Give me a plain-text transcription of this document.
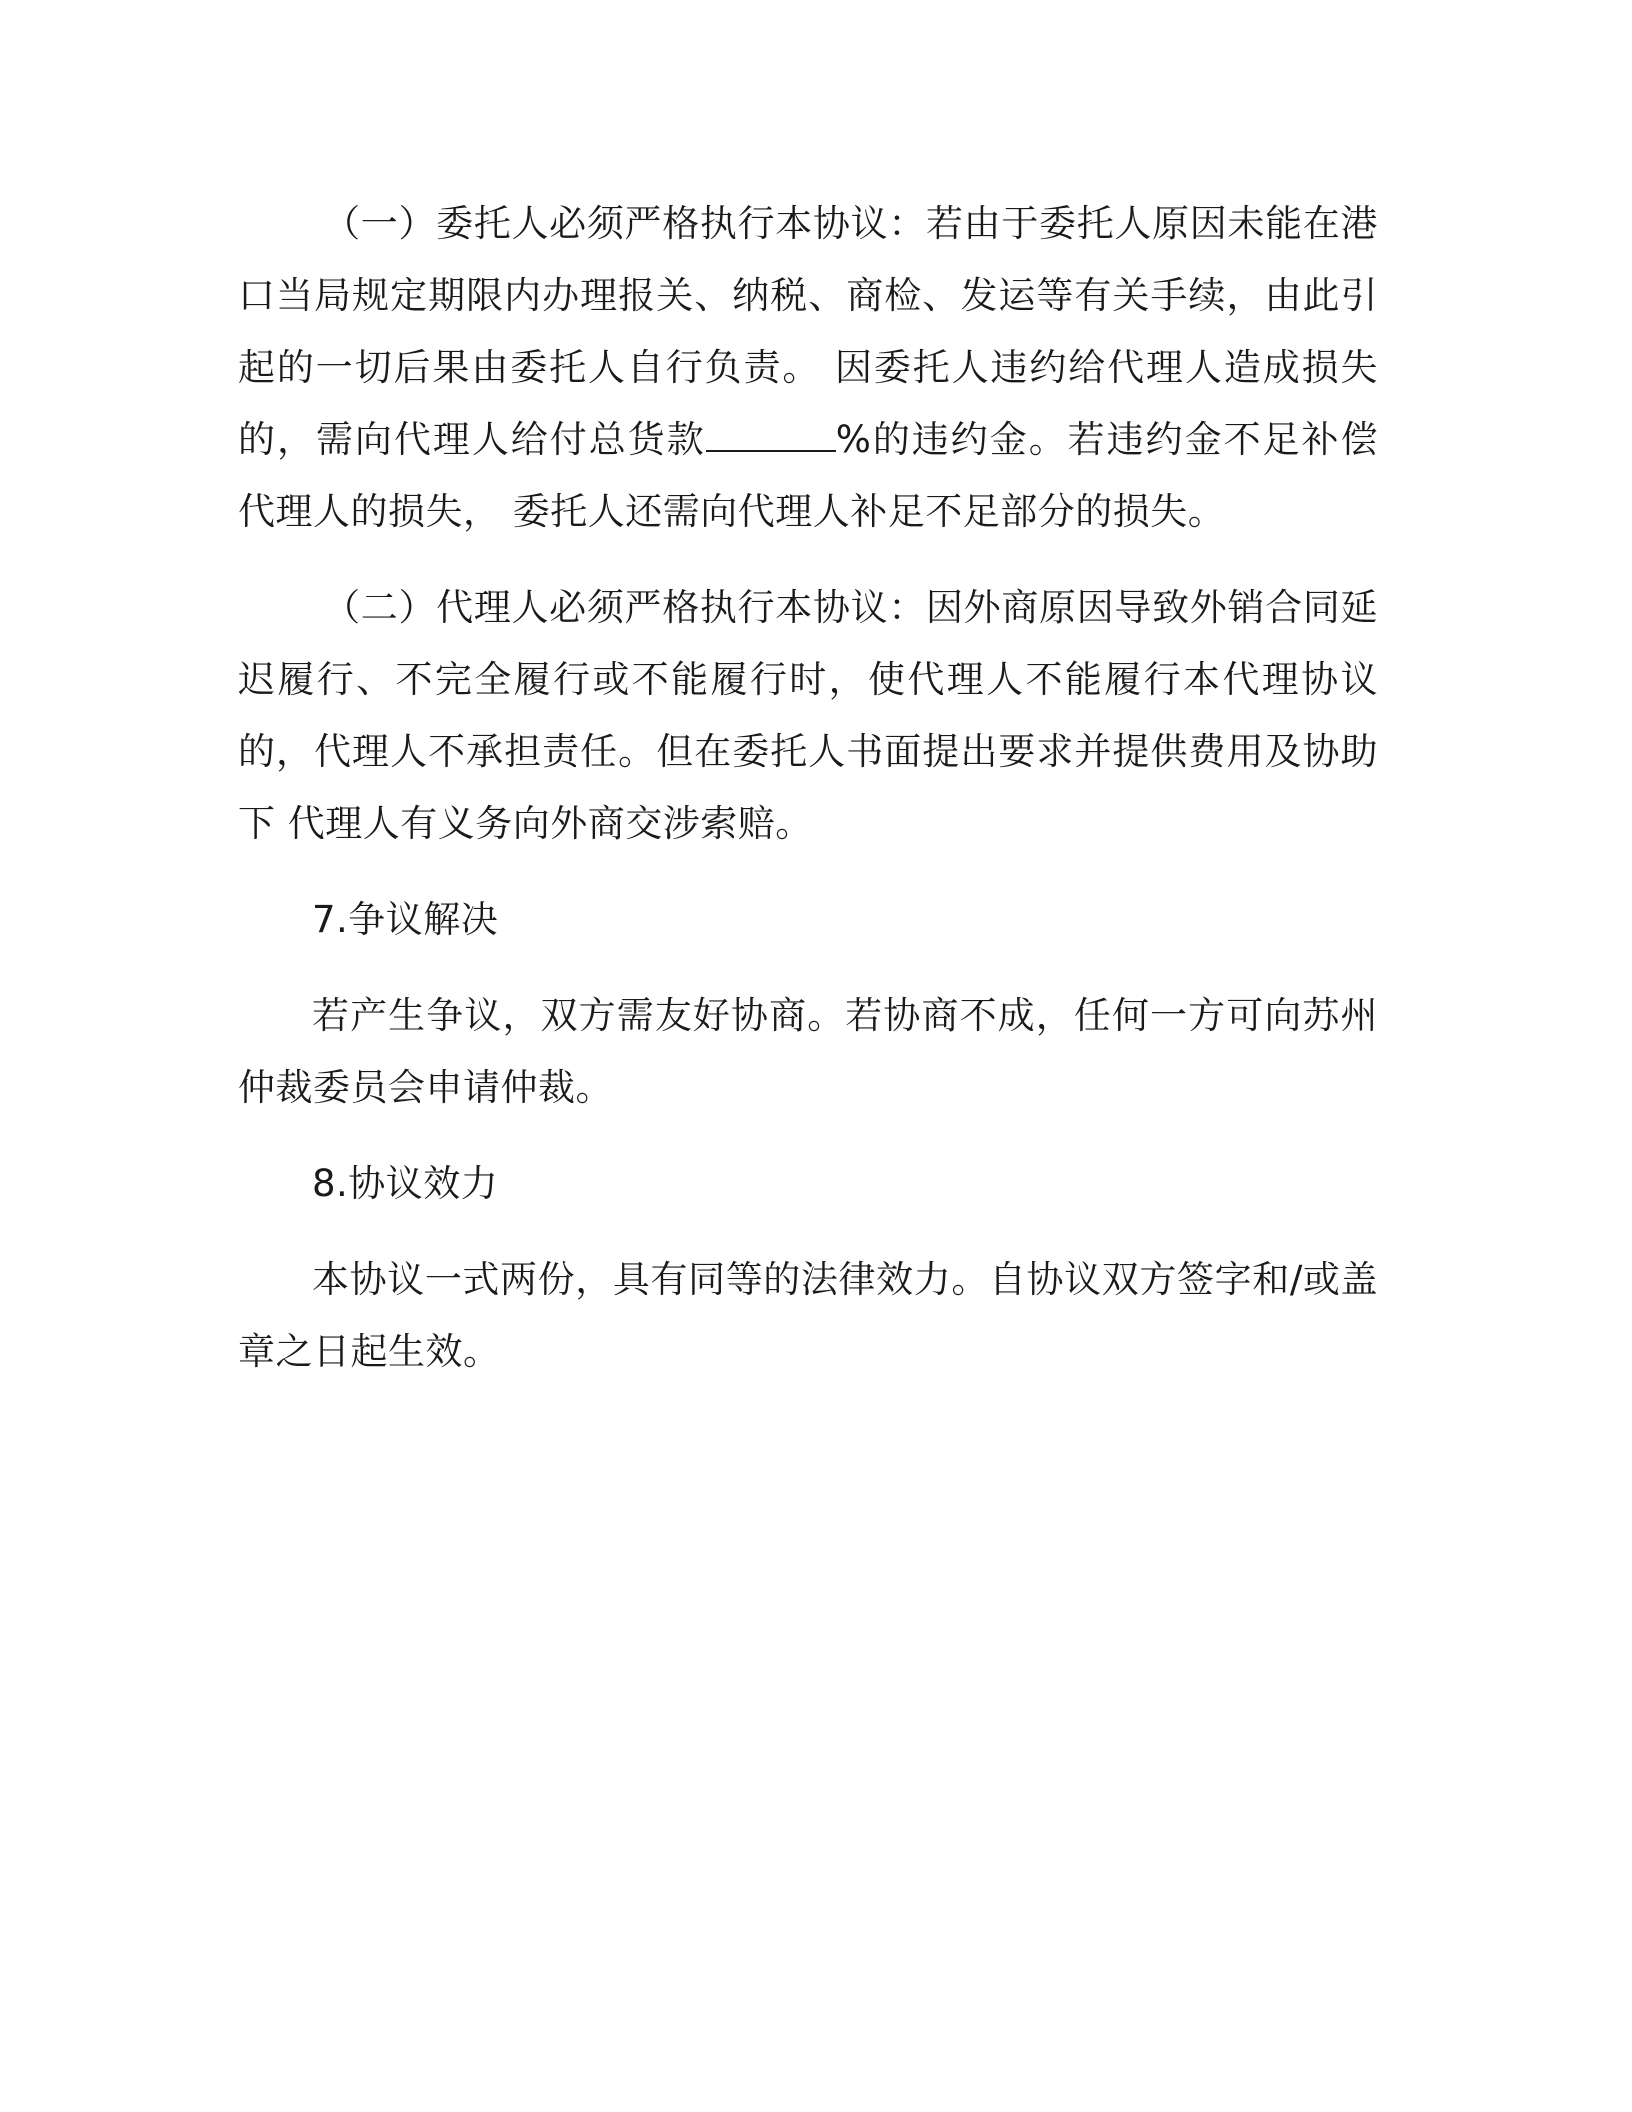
（一）委托人必须严格执行本协议：若由于委托人原因未能在港口当局规定期限内办理报关、纳税、商检、发运等有关手续，由此引起的一切后果由委托人自行负责。 因委托人违约给代理人造成损失的，需向代理人给付总货款	%的违约金。若违约金不足补偿代理人的损失， 委托人还需向代理人补足不足部分的损失。

（二）代理人必须严格执行本协议：因外商原因导致外销合同延迟履行、不完全履行或不能履行时，使代理人不能履行本代理协议的，代理人不承担责任。但在委托人书面提出要求并提供费用及协助下 代理人有义务向外商交涉索赔。

7.争议解决

若产生争议，双方需友好协商。若协商不成，任何一方可向苏州仲裁委员会申请仲裁。

8.协议效力

本协议一式两份，具有同等的法律效力。自协议双方签字和/或盖章之日起生效。
